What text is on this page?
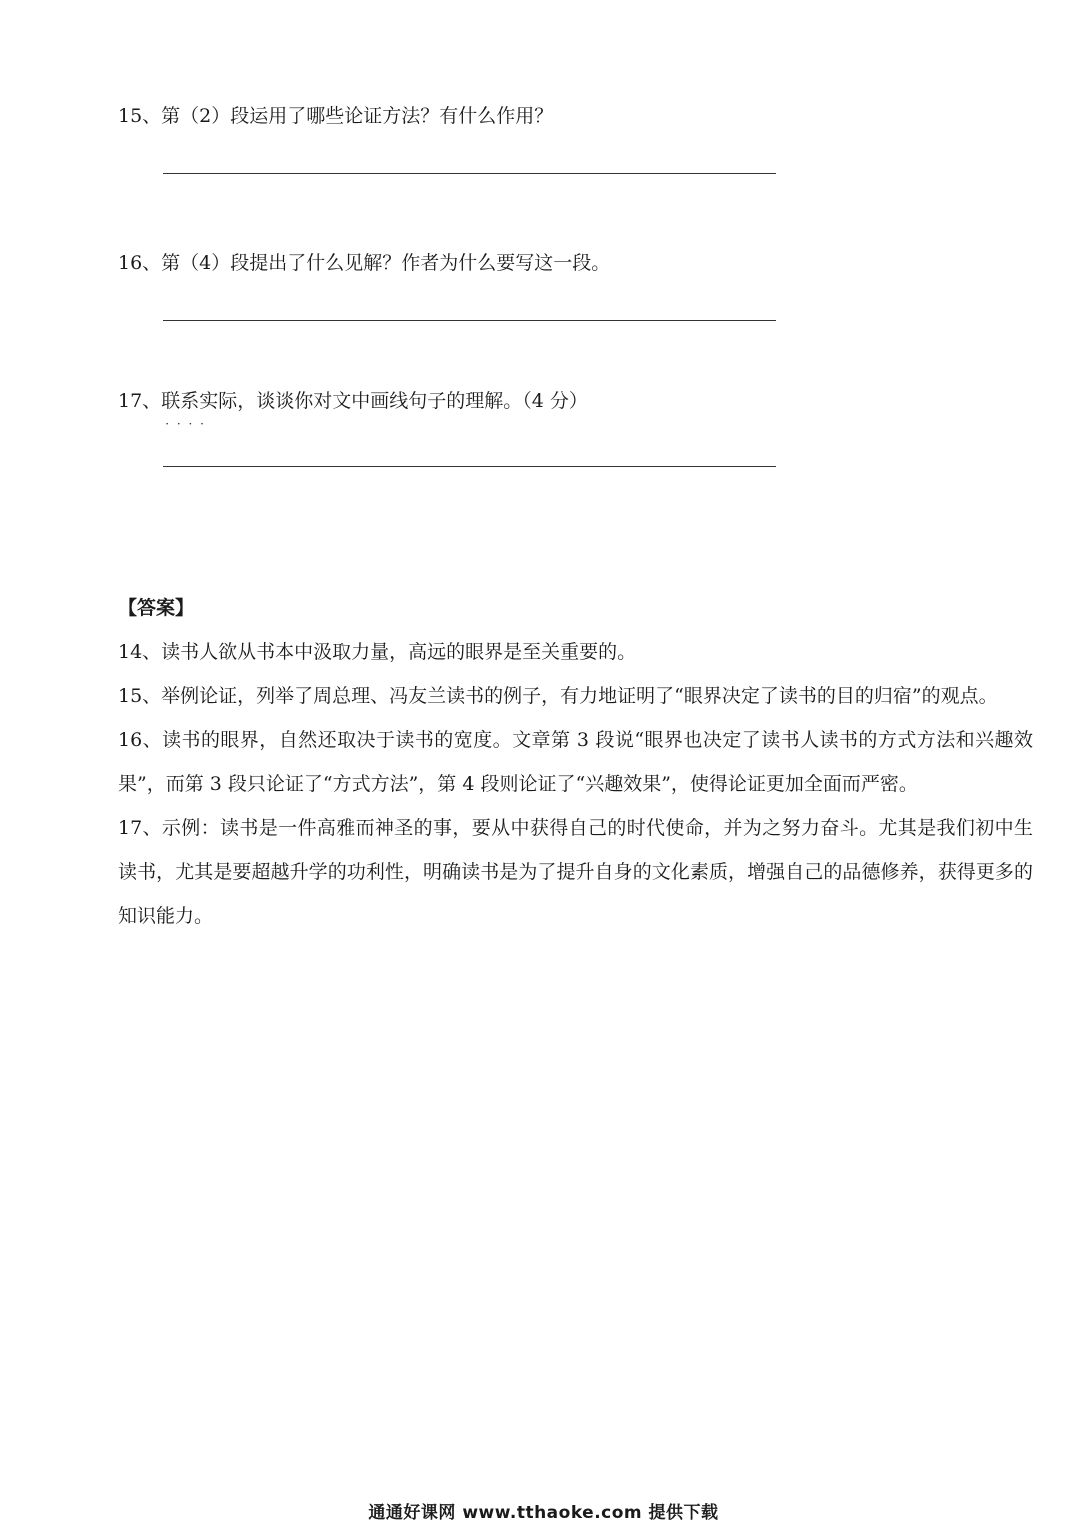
15、第（2）段运用了哪些论证方法？有什么作用？
16、第（4）段提出了什么见解？作者为什么要写这一段。
17、联系实际 · · · ·，谈谈你对文中画线句子的理解。（4 分）
【答案】

14、读书人欲从书本中汲取力量，高远的眼界是至关重要的。

15、举例论证，列举了周总理、冯友兰读书的例子，有力地证明了“眼界决定了读书的目的归宿”的观点。

16、读书的眼界，自然还取决于读书的宽度。文章第 3 段说“眼界也决定了读书人读书的方式方法和兴趣效果”，而第 3 段只论证了“方式方法”，第 4 段则论证了“兴趣效果”，使得论证更加全面而严密。

17、示例：读书是一件高雅而神圣的事，要从中获得自己的时代使命，并为之努力奋斗。尤其是我们初中生读书，尤其是要超越升学的功利性，明确读书是为了提升自身的文化素质，增强自己的品德修养，获得更多的知识能力。

通通好课网 www.tthaoke.com 提供下载
